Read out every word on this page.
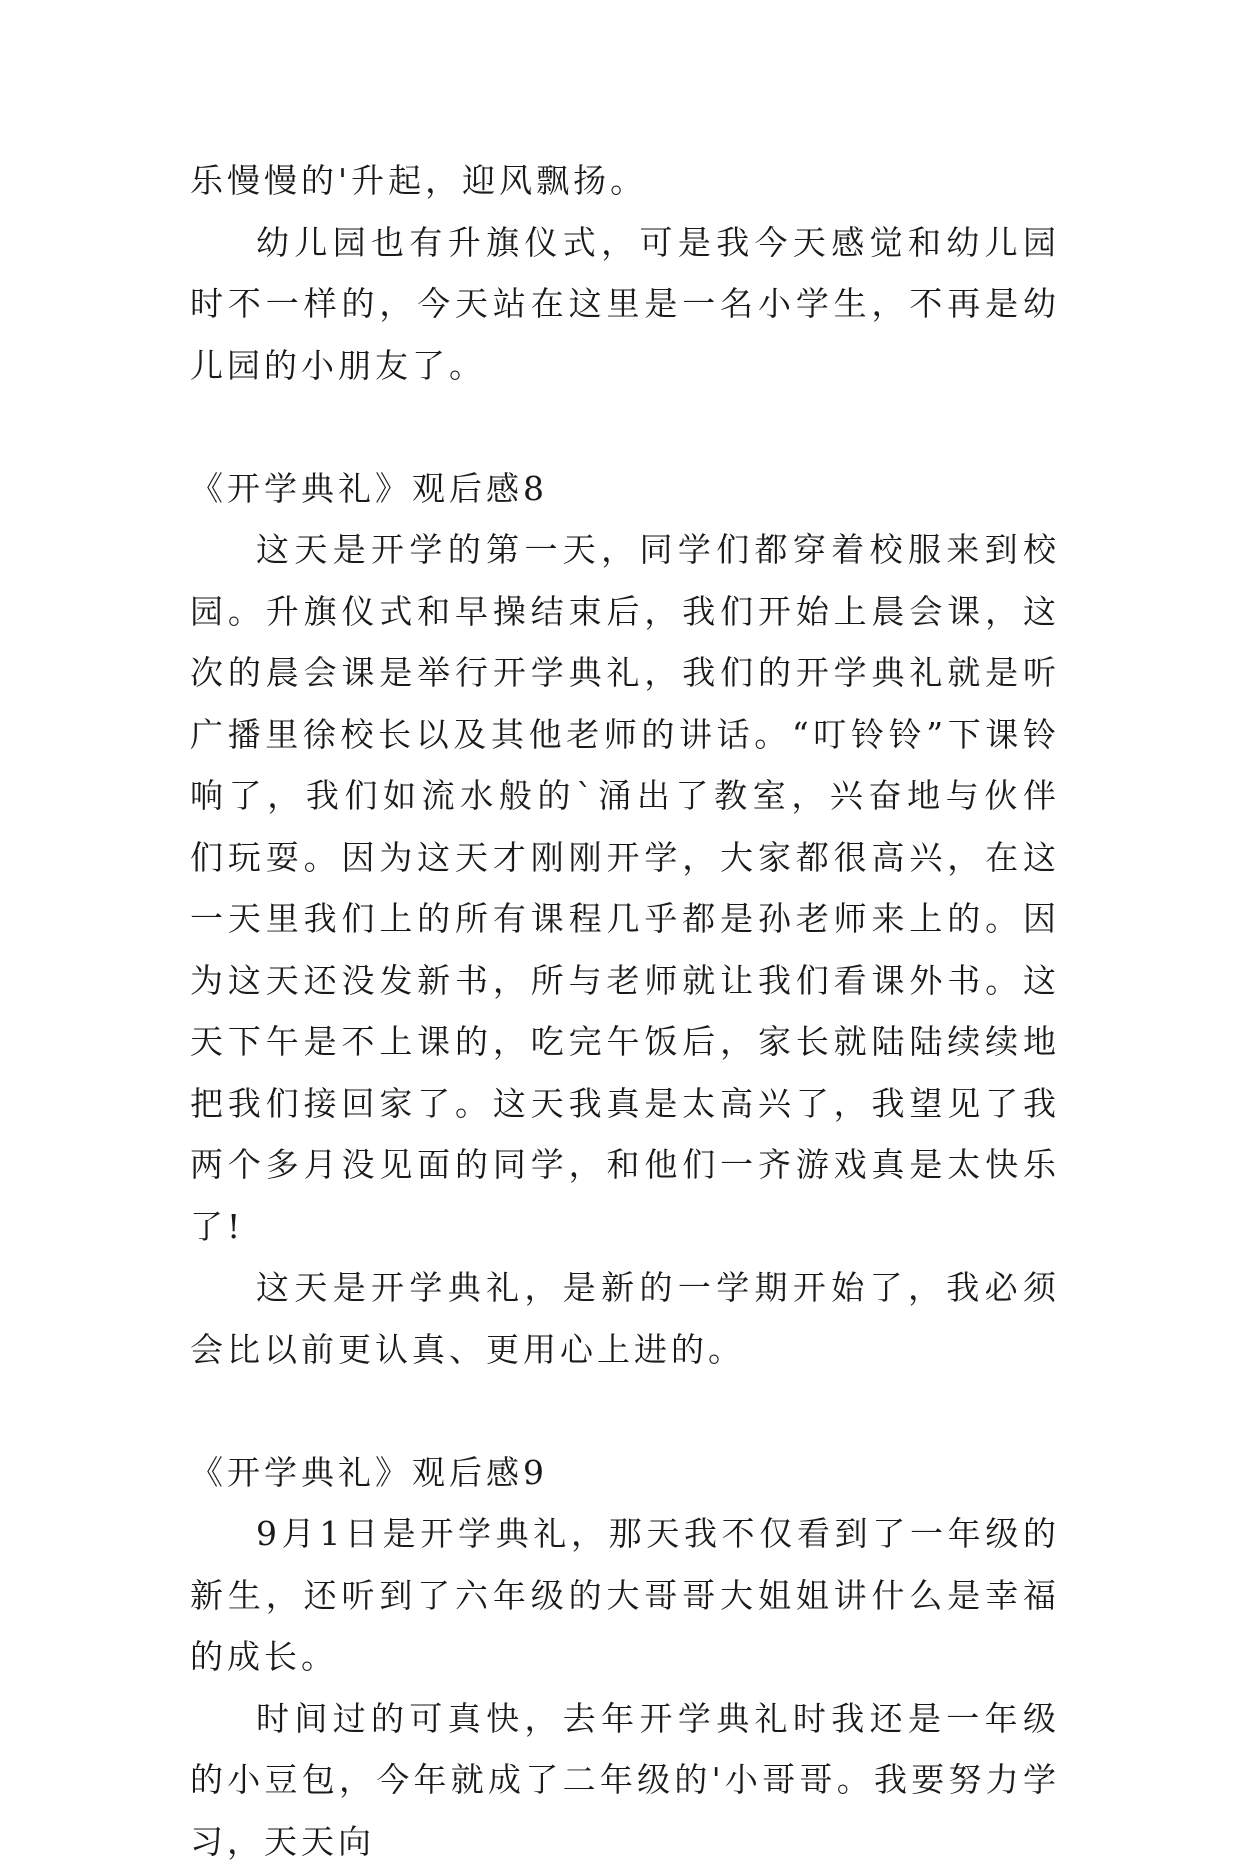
乐慢慢的'升起，迎风飘扬。

幼儿园也有升旗仪式，可是我今天感觉和幼儿园时不一样的，今天站在这里是一名小学生，不再是幼儿园的小朋友了。

《开学典礼》观后感8

这天是开学的第一天，同学们都穿着校服来到校园。升旗仪式和早操结束后，我们开始上晨会课，这次的晨会课是举行开学典礼，我们的开学典礼就是听广播里徐校长以及其他老师的讲话。“叮铃铃”下课铃响了，我们如流水般的`涌出了教室，兴奋地与伙伴们玩耍。因为这天才刚刚开学，大家都很高兴，在这一天里我们上的所有课程几乎都是孙老师来上的。因为这天还没发新书，所与老师就让我们看课外书。这天下午是不上课的，吃完午饭后，家长就陆陆续续地把我们接回家了。这天我真是太高兴了，我望见了我两个多月没见面的同学，和他们一齐游戏真是太快乐了!

这天是开学典礼，是新的一学期开始了，我必须会比以前更认真、更用心上进的。

《开学典礼》观后感9

9月1日是开学典礼，那天我不仅看到了一年级的新生，还听到了六年级的大哥哥大姐姐讲什么是幸福的成长。

时间过的可真快，去年开学典礼时我还是一年级的小豆包，今年就成了二年级的'小哥哥。我要努力学习，天天向
